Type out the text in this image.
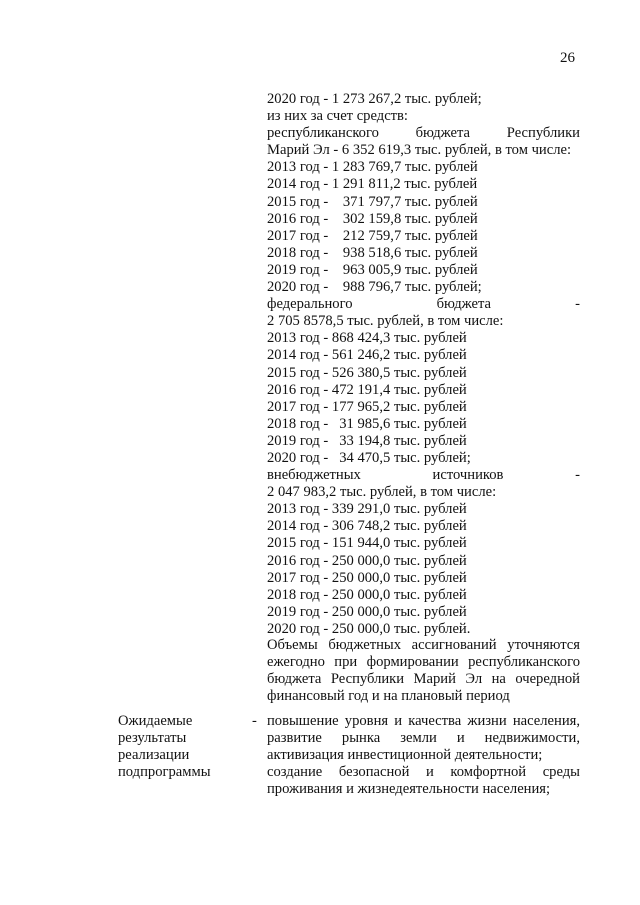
26
2020 год - 1 273 267,2 тыс. рублей;
из них за счет средств:
республиканского бюджета Республики
Марий Эл - 6 352 619,3 тыс. рублей, в том числе:
2013 год - 1 283 769,7 тыс. рублей
2014 год - 1 291 811,2 тыс. рублей
2015 год -    371 797,7 тыс. рублей
2016 год -    302 159,8 тыс. рублей
2017 год -    212 759,7 тыс. рублей
2018 год -    938 518,6 тыс. рублей
2019 год -    963 005,9 тыс. рублей
2020 год -    988 796,7 тыс. рублей;
федерального бюджета -
2 705 8578,5 тыс. рублей, в том числе:
2013 год - 868 424,3 тыс. рублей
2014 год - 561 246,2 тыс. рублей
2015 год - 526 380,5 тыс. рублей
2016 год - 472 191,4 тыс. рублей
2017 год - 177 965,2 тыс. рублей
2018 год -   31 985,6 тыс. рублей
2019 год -   33 194,8 тыс. рублей
2020 год -   34 470,5 тыс. рублей;
внебюджетных источников -
2 047 983,2 тыс. рублей, в том числе:
2013 год - 339 291,0 тыс. рублей
2014 год - 306 748,2 тыс. рублей
2015 год - 151 944,0 тыс. рублей
2016 год - 250 000,0 тыс. рублей
2017 год - 250 000,0 тыс. рублей
2018 год - 250 000,0 тыс. рублей
2019 год - 250 000,0 тыс. рублей
2020 год - 250 000,0 тыс. рублей.
Объемы бюджетных ассигнований уточняются
ежегодно при формировании республиканского
бюджета Республики Марий Эл на очередной
финансовый год и на плановый период
Ожидаемые
результаты
реализации
подпрограммы
- повышение уровня и качества жизни населения,
развитие рынка земли и недвижимости,
активизация инвестиционной деятельности;
создание безопасной и комфортной среды
проживания и жизнедеятельности населения;
